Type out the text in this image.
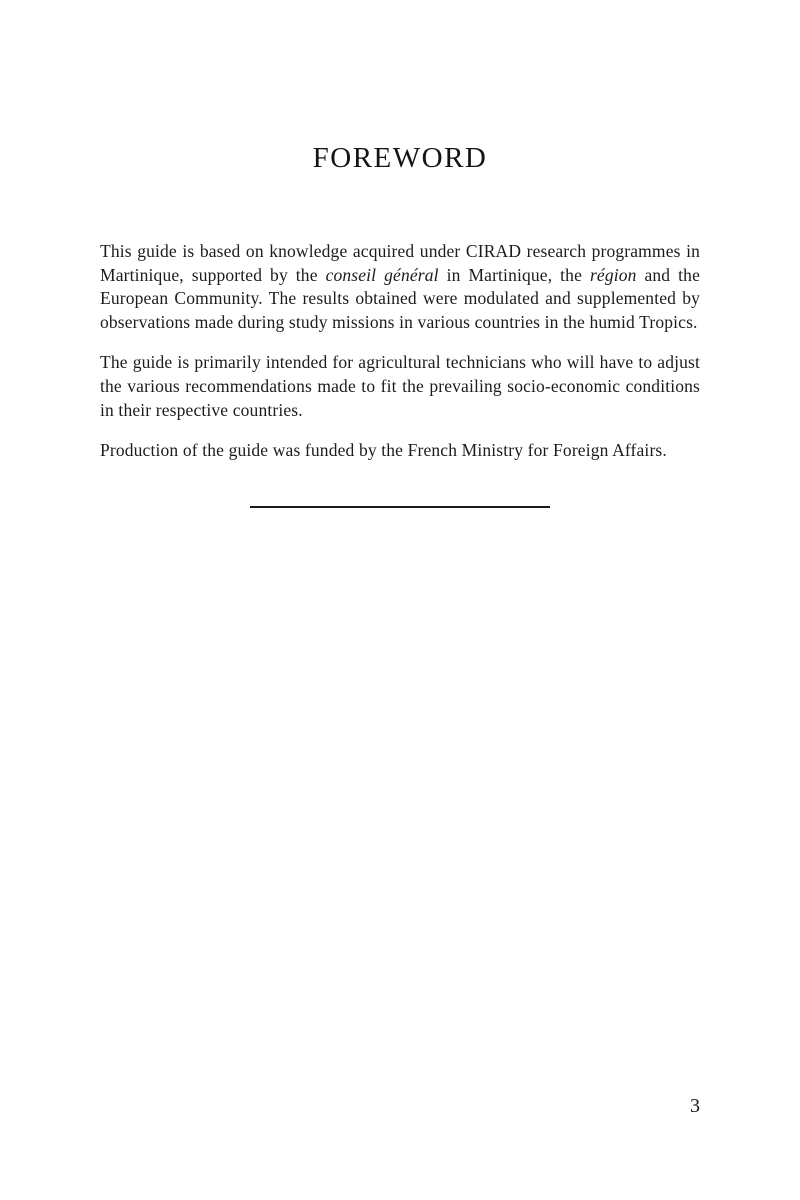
foreword

This guide is based on knowledge acquired under CIRAD research programmes in Martinique, supported by the conseil général in Martinique, the région and the European Community. The results obtained were modulated and supplemented by observations made during study missions in various countries in the humid Tropics.

The guide is primarily intended for agricultural technicians who will have to adjust the various recommendations made to fit the prevailing socio-economic conditions in their respective countries.

Production of the guide was funded by the French Ministry for Foreign Affairs.

3
